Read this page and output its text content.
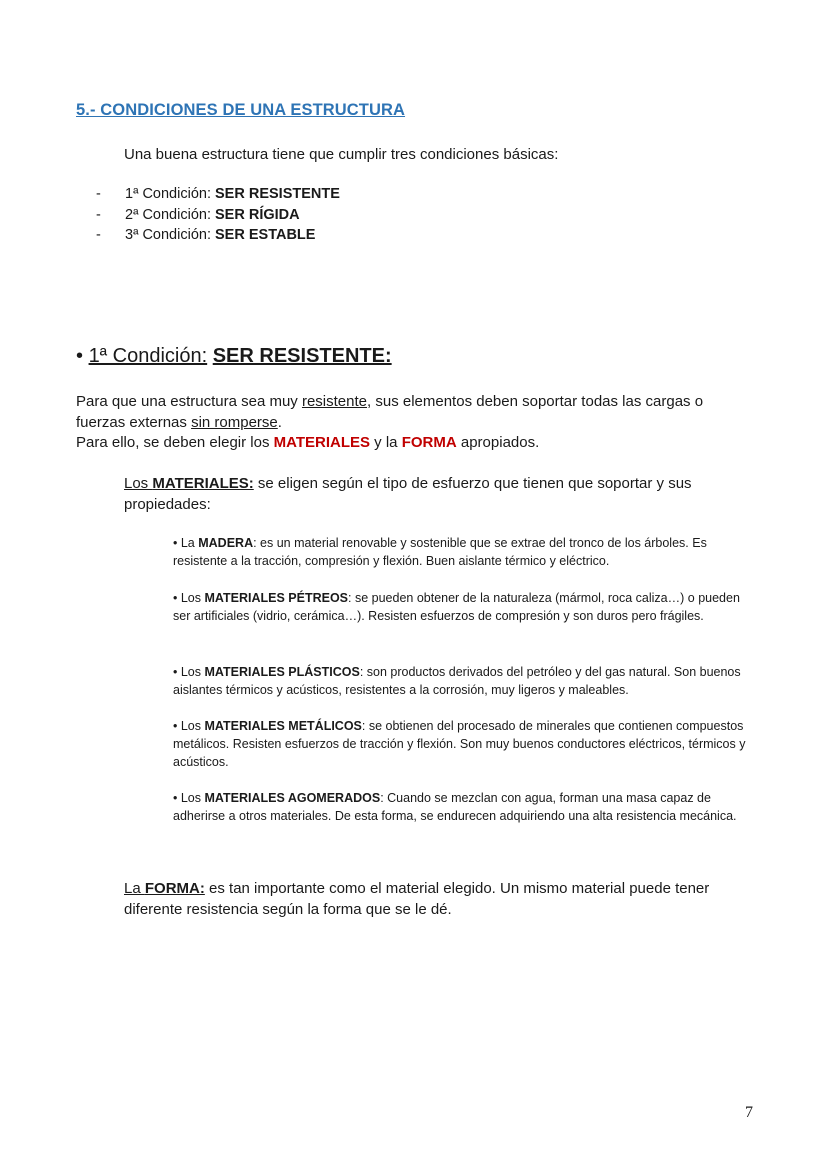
5.- CONDICIONES DE UNA ESTRUCTURA
Una buena estructura tiene que cumplir tres condiciones básicas:
- 1ª Condición: SER RESISTENTE
- 2ª Condición: SER RÍGIDA
- 3ª Condición: SER ESTABLE
• 1ª Condición: SER RESISTENTE:
Para que una estructura sea muy resistente, sus elementos deben soportar todas las cargas o fuerzas externas sin romperse.
Para ello, se deben elegir los MATERIALES y la FORMA apropiados.
Los MATERIALES: se eligen según el tipo de esfuerzo que tienen que soportar y sus propiedades:
• La MADERA: es un material renovable y sostenible que se extrae del tronco de los árboles. Es resistente a la tracción, compresión y flexión. Buen aislante térmico y eléctrico.
• Los MATERIALES PÉTREOS: se pueden obtener de la naturaleza (mármol, roca caliza…) o pueden ser artificiales (vidrio, cerámica…). Resisten esfuerzos de compresión y son duros pero frágiles.
• Los MATERIALES PLÁSTICOS: son productos derivados del petróleo y del gas natural. Son buenos aislantes térmicos y acústicos, resistentes a la corrosión, muy ligeros y maleables.
• Los MATERIALES METÁLICOS: se obtienen del procesado de minerales que contienen compuestos metálicos. Resisten esfuerzos de tracción y flexión. Son muy buenos conductores eléctricos, térmicos y acústicos.
• Los MATERIALES AGOMERADOS: Cuando se mezclan con agua, forman una masa capaz de adherirse a otros materiales. De esta forma, se endurecen adquiriendo una alta resistencia mecánica.
La FORMA: es tan importante como el material elegido. Un mismo material puede tener diferente resistencia según la forma que se le dé.
7
